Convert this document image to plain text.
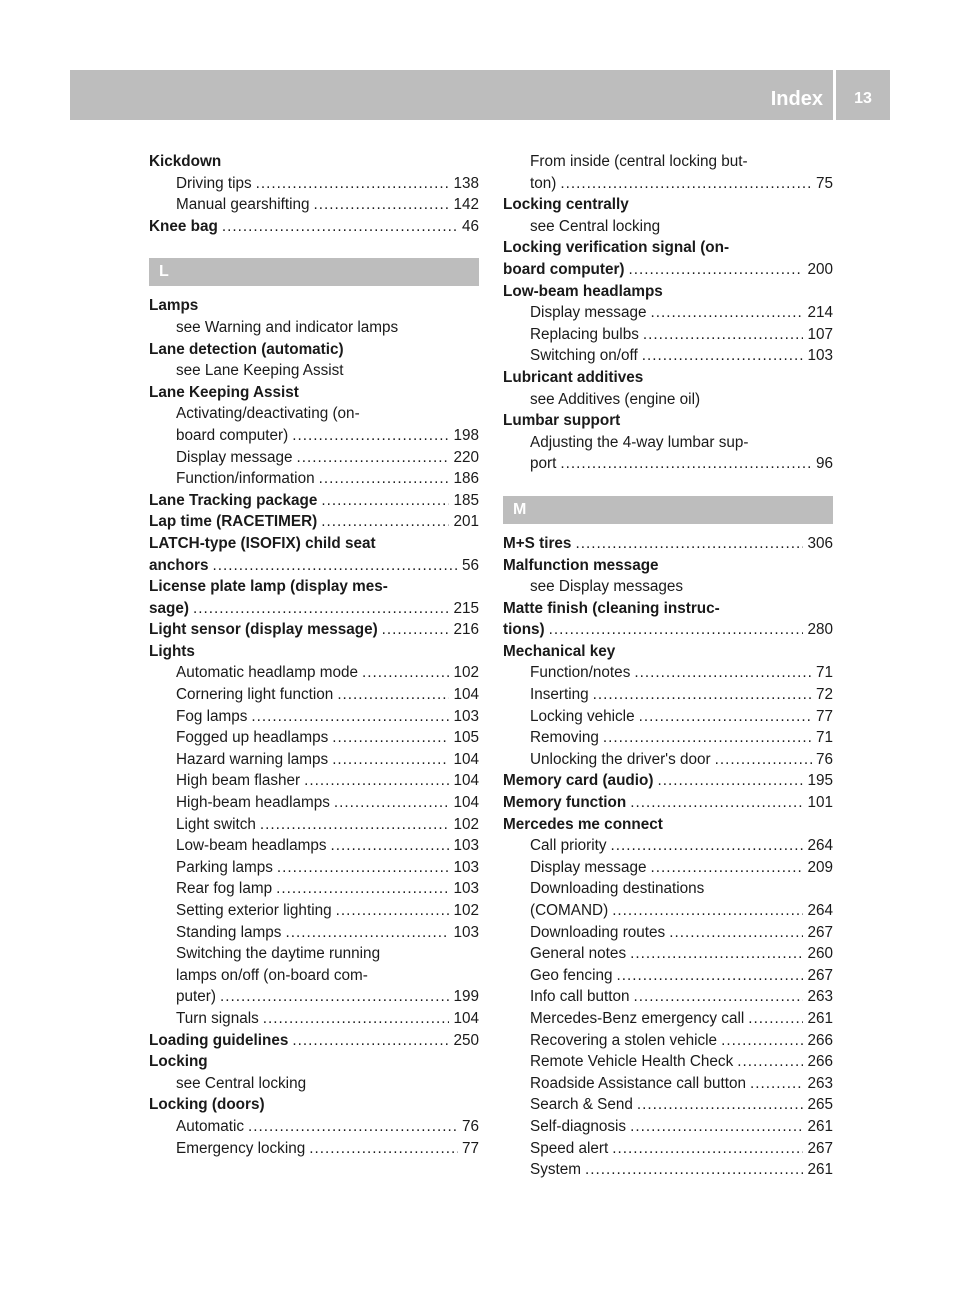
Index	13
Kickdown
Driving tips .....	138
Manual gearshifting .....	142
Knee bag .....	46
L
Lamps
see Warning and indicator lamps
Lane detection (automatic)
see Lane Keeping Assist
Lane Keeping Assist
Activating/deactivating (on-
board computer) .....	198
Display message .....	220
Function/information .....	186
Lane Tracking package .....	185
Lap time (RACETIMER) .....	201
LATCH-type (ISOFIX) child seat
anchors .....	56
License plate lamp (display mes-
sage) .....	215
Light sensor (display message) .....	216
Lights
Automatic headlamp mode .....	102
Cornering light function .....	104
Fog lamps .....	103
Fogged up headlamps .....	105
Hazard warning lamps .....	104
High beam flasher .....	104
High-beam headlamps .....	104
Light switch .....	102
Low-beam headlamps .....	103
Parking lamps .....	103
Rear fog lamp .....	103
Setting exterior lighting .....	102
Standing lamps .....	103
Switching the daytime running
lamps on/off (on-board com-
puter) .....	199
Turn signals .....	104
Loading guidelines .....	250
Locking
see Central locking
Locking (doors)
Automatic .....	76
Emergency locking .....	77
From inside (central locking but-
ton) .....	75
Locking centrally
see Central locking
Locking verification signal (on-
board computer) .....	200
Low-beam headlamps
Display message .....	214
Replacing bulbs .....	107
Switching on/off .....	103
Lubricant additives
see Additives (engine oil)
Lumbar support
Adjusting the 4-way lumbar sup-
port .....	96
M
M+S tires .....	306
Malfunction message
see Display messages
Matte finish (cleaning instruc-
tions) .....	280
Mechanical key
Function/notes .....	71
Inserting .....	72
Locking vehicle .....	77
Removing .....	71
Unlocking the driver's door .....	76
Memory card (audio) .....	195
Memory function .....	101
Mercedes me connect
Call priority .....	264
Display message .....	209
Downloading destinations
(COMAND) .....	264
Downloading routes .....	267
General notes .....	260
Geo fencing .....	267
Info call button .....	263
Mercedes-Benz emergency call .....	261
Recovering a stolen vehicle .....	266
Remote Vehicle Health Check .....	266
Roadside Assistance call button .....	263
Search & Send .....	265
Self-diagnosis .....	261
Speed alert .....	267
System .....	261
